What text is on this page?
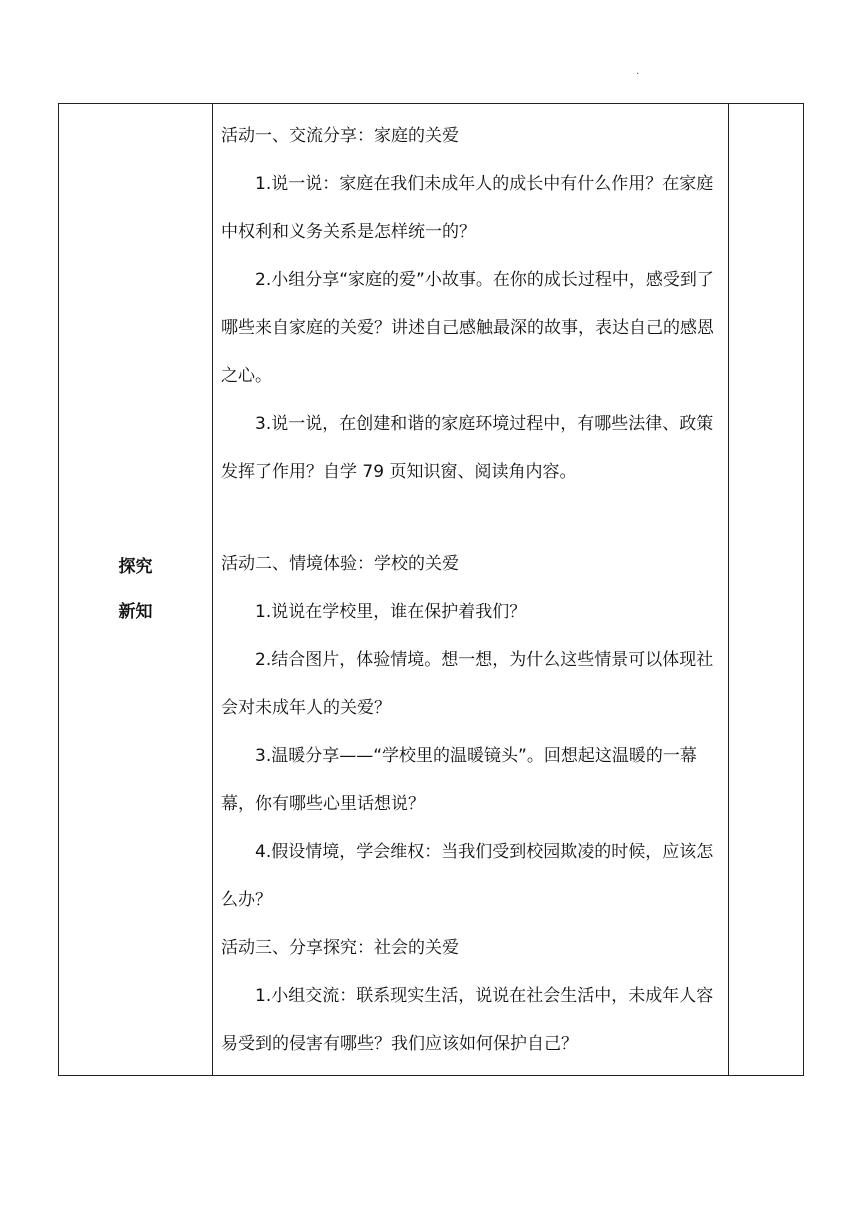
.
探究
新知

活动一、交流分享：家庭的关爱

1.说一说：家庭在我们未成年人的成长中有什么作用？在家庭中权利和义务关系是怎样统一的？

2.小组分享“家庭的爱”小故事。在你的成长过程中，感受到了哪些来自家庭的关爱？讲述自己感触最深的故事，表达自己的感恩之心。

3.说一说，在创建和谐的家庭环境过程中，有哪些法律、政策发挥了作用？自学 79 页知识窗、阅读角内容。

活动二、情境体验：学校的关爱

1.说说在学校里，谁在保护着我们？

2.结合图片，体验情境。想一想，为什么这些情景可以体现社会对未成年人的关爱？

3.温暖分享——“学校里的温暖镜头”。回想起这温暖的一幕幕，你有哪些心里话想说？

4.假设情境，学会维权：当我们受到校园欺凌的时候，应该怎么办？

活动三、分享探究：社会的关爱

1.小组交流：联系现实生活，说说在社会生活中，未成年人容易受到的侵害有哪些？我们应该如何保护自己？
